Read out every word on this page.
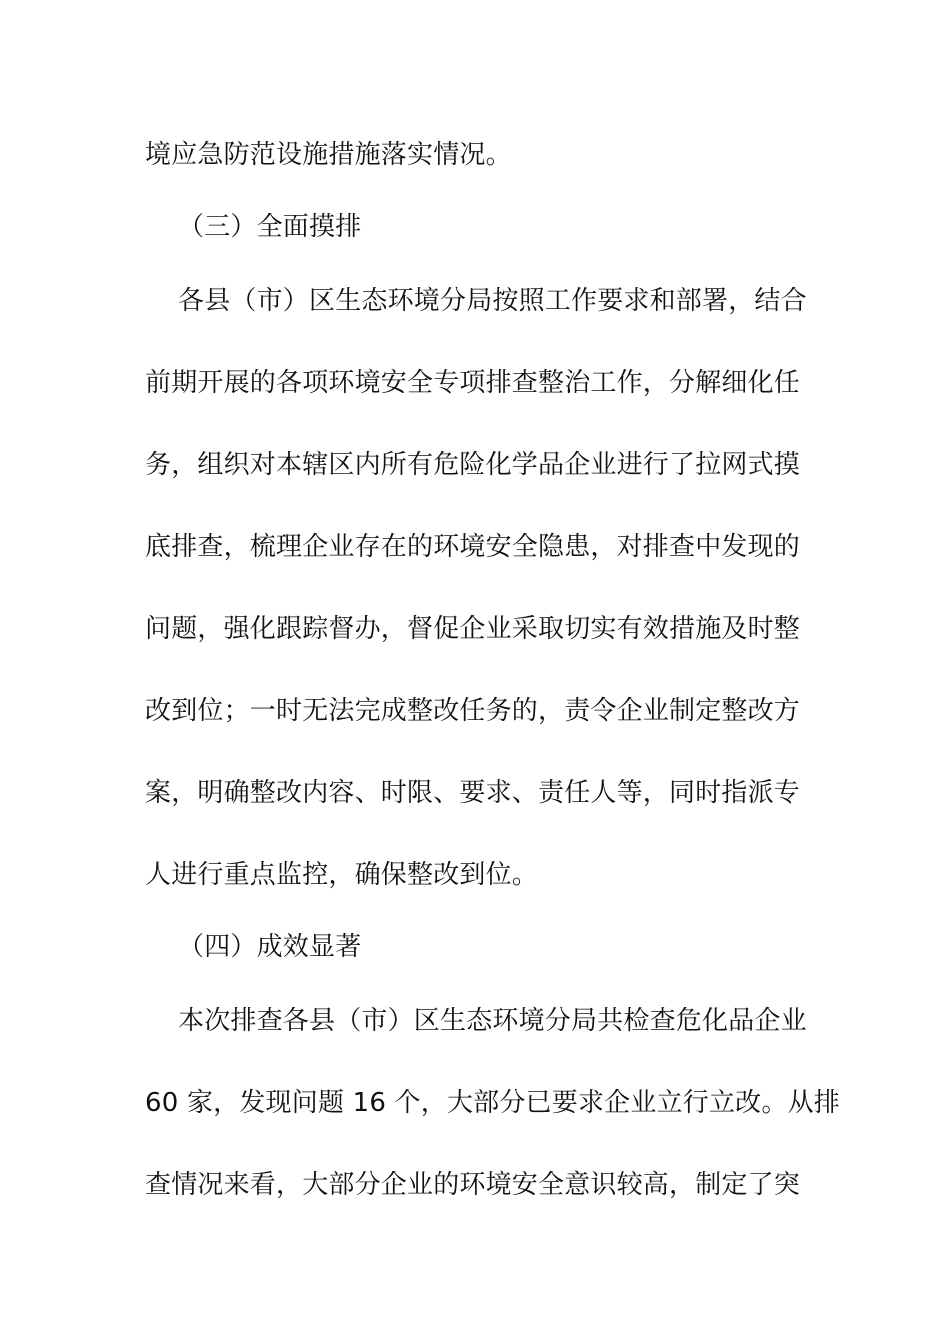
境应急防范设施措施落实情况。
（三）全面摸排
各县（市）区生态环境分局按照工作要求和部署，结合
前期开展的各项环境安全专项排查整治工作，分解细化任
务，组织对本辖区内所有危险化学品企业进行了拉网式摸
底排查，梳理企业存在的环境安全隐患，对排查中发现的
问题，强化跟踪督办，督促企业采取切实有效措施及时整
改到位；一时无法完成整改任务的，责令企业制定整改方
案，明确整改内容、时限、要求、责任人等，同时指派专
人进行重点监控，确保整改到位。
（四）成效显著
本次排查各县（市）区生态环境分局共检查危化品企业
60 家，发现问题 16 个，大部分已要求企业立行立改。从排
查情况来看，大部分企业的环境安全意识较高，制定了突
